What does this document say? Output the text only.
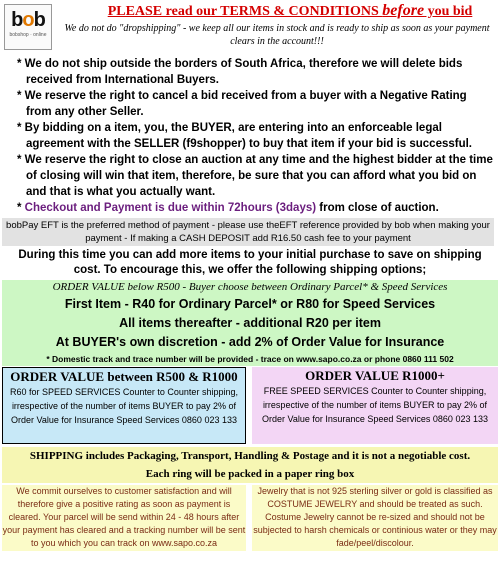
bob
bobshop · online
PLEASE read our TERMS & CONDITIONS before you bid
We do not do "dropshipping" - we keep all our items in stock and is ready to ship as soon as your payment clears in the account!!!
* We do not ship outside the borders of South Africa, therefore we will delete bids received from International Buyers.
* We reserve the right to cancel a bid received from a buyer with a Negative Rating from any other Seller.
* By bidding on a item, you, the BUYER, are entering into an enforceable legal agreement with the SELLER (f9shopper) to buy that item if your bid is successful.
* We reserve the right to close an auction at any time and the highest bidder at the time of closing will win that item, therefore, be sure that you can afford what you bid on and that is what you actually want.
* Checkout and Payment is due within 72hours (3days) from close of auction.
bobPay EFT is the preferred method of payment - please use theEFT reference provided by bob when making your payment - If making a CASH DEPOSIT add R16.50 cash fee to your payment
During this time you can add more items to your initial purchase to save on shipping cost. To encourage this, we offer the following shipping options;
ORDER VALUE below R500 - Buyer choose between Ordinary Parcel* & Speed Services
First Item - R40 for Ordinary Parcel* or R80 for Speed Services
All items thereafter - additional R20 per item
At BUYER's own discretion - add 2% of Order Value for Insurance
* Domestic track and trace number will be provided - trace on www.sapo.co.za or phone 0860 111 502
ORDER VALUE between R500 & R1000
R60 for SPEED SERVICES Counter to Counter shipping, irrespective of the number of items BUYER to pay 2% of Order Value for Insurance Speed Services 0860 023 133
ORDER VALUE R1000+
FREE SPEED SERVICES Counter to Counter shipping, irrespective of the number of items BUYER to pay 2% of Order Value for Insurance Speed Services 0860 023 133
SHIPPING includes Packaging, Transport, Handling & Postage and it is not a negotiable cost.
Each ring will be packed in a paper ring box
We commit ourselves to customer satisfaction and will therefore give a positive rating as soon as payment is cleared. Your parcel will be send within 24 - 48 hours after your payment has cleared and a tracking number will be sent to you which you can track on www.sapo.co.za
Jewelry that is not 925 sterling silver or gold is classified as COSTUME JEWELRY and should be treated as such. Costume Jewelry cannot be re-sized and should not be subjected to harsh chemicals or continious water or they may fade/peel/discolour.
